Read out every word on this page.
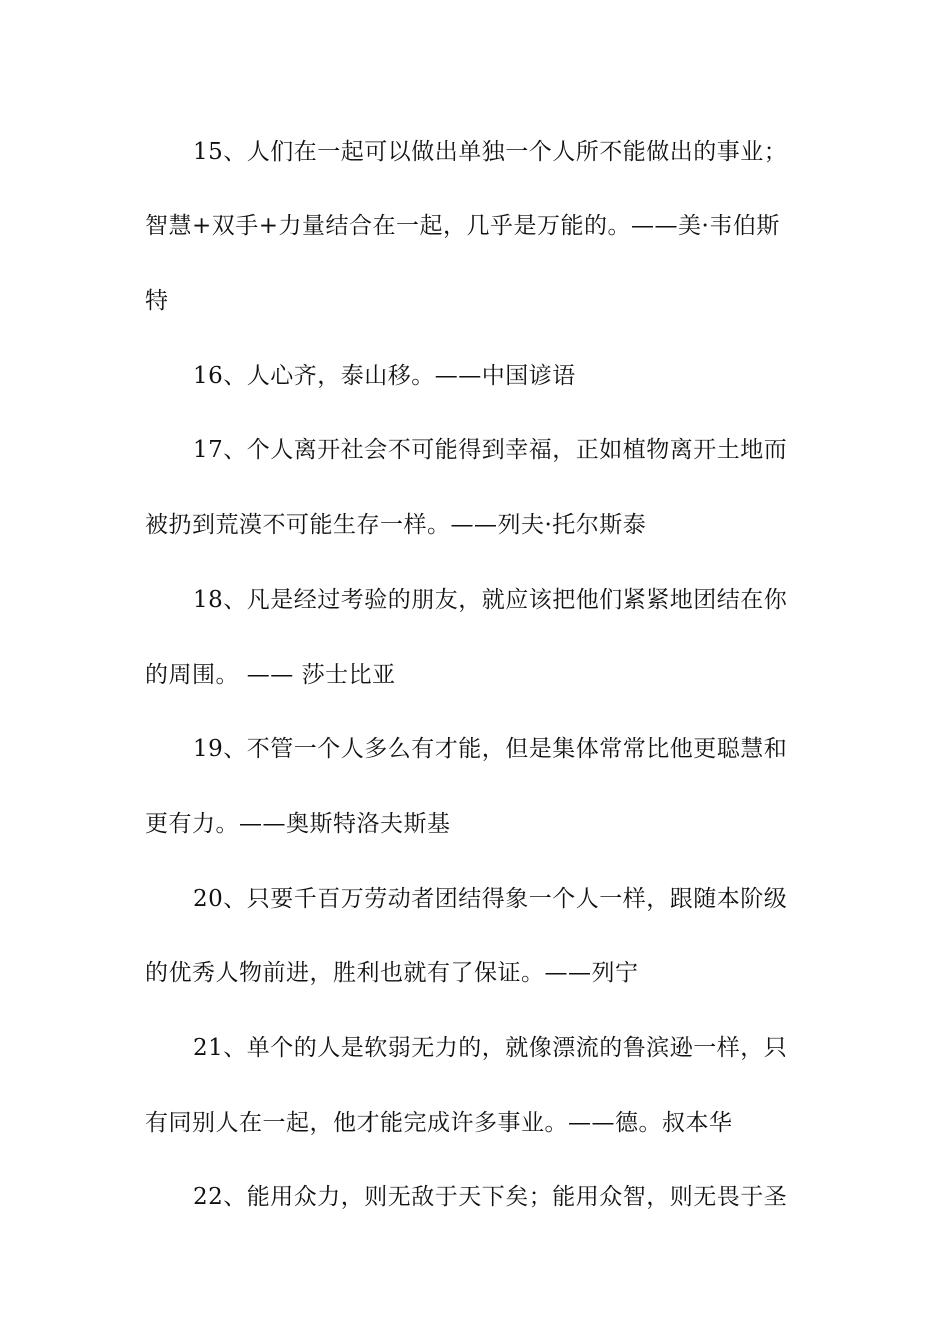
15、人们在一起可以做出单独一个人所不能做出的事业；
智慧+双手+力量结合在一起，几乎是万能的。——美·韦伯斯
特
16、人心齐，泰山移。——中国谚语
17、个人离开社会不可能得到幸福，正如植物离开土地而
被扔到荒漠不可能生存一样。——列夫·托尔斯泰
18、凡是经过考验的朋友，就应该把他们紧紧地团结在你
的周围。 —— 莎士比亚
19、不管一个人多么有才能，但是集体常常比他更聪慧和
更有力。——奥斯特洛夫斯基
20、只要千百万劳动者团结得象一个人一样，跟随本阶级
的优秀人物前进，胜利也就有了保证。——列宁
21、单个的人是软弱无力的，就像漂流的鲁滨逊一样，只
有同别人在一起，他才能完成许多事业。——德。叔本华
22、能用众力，则无敌于天下矣；能用众智，则无畏于圣
